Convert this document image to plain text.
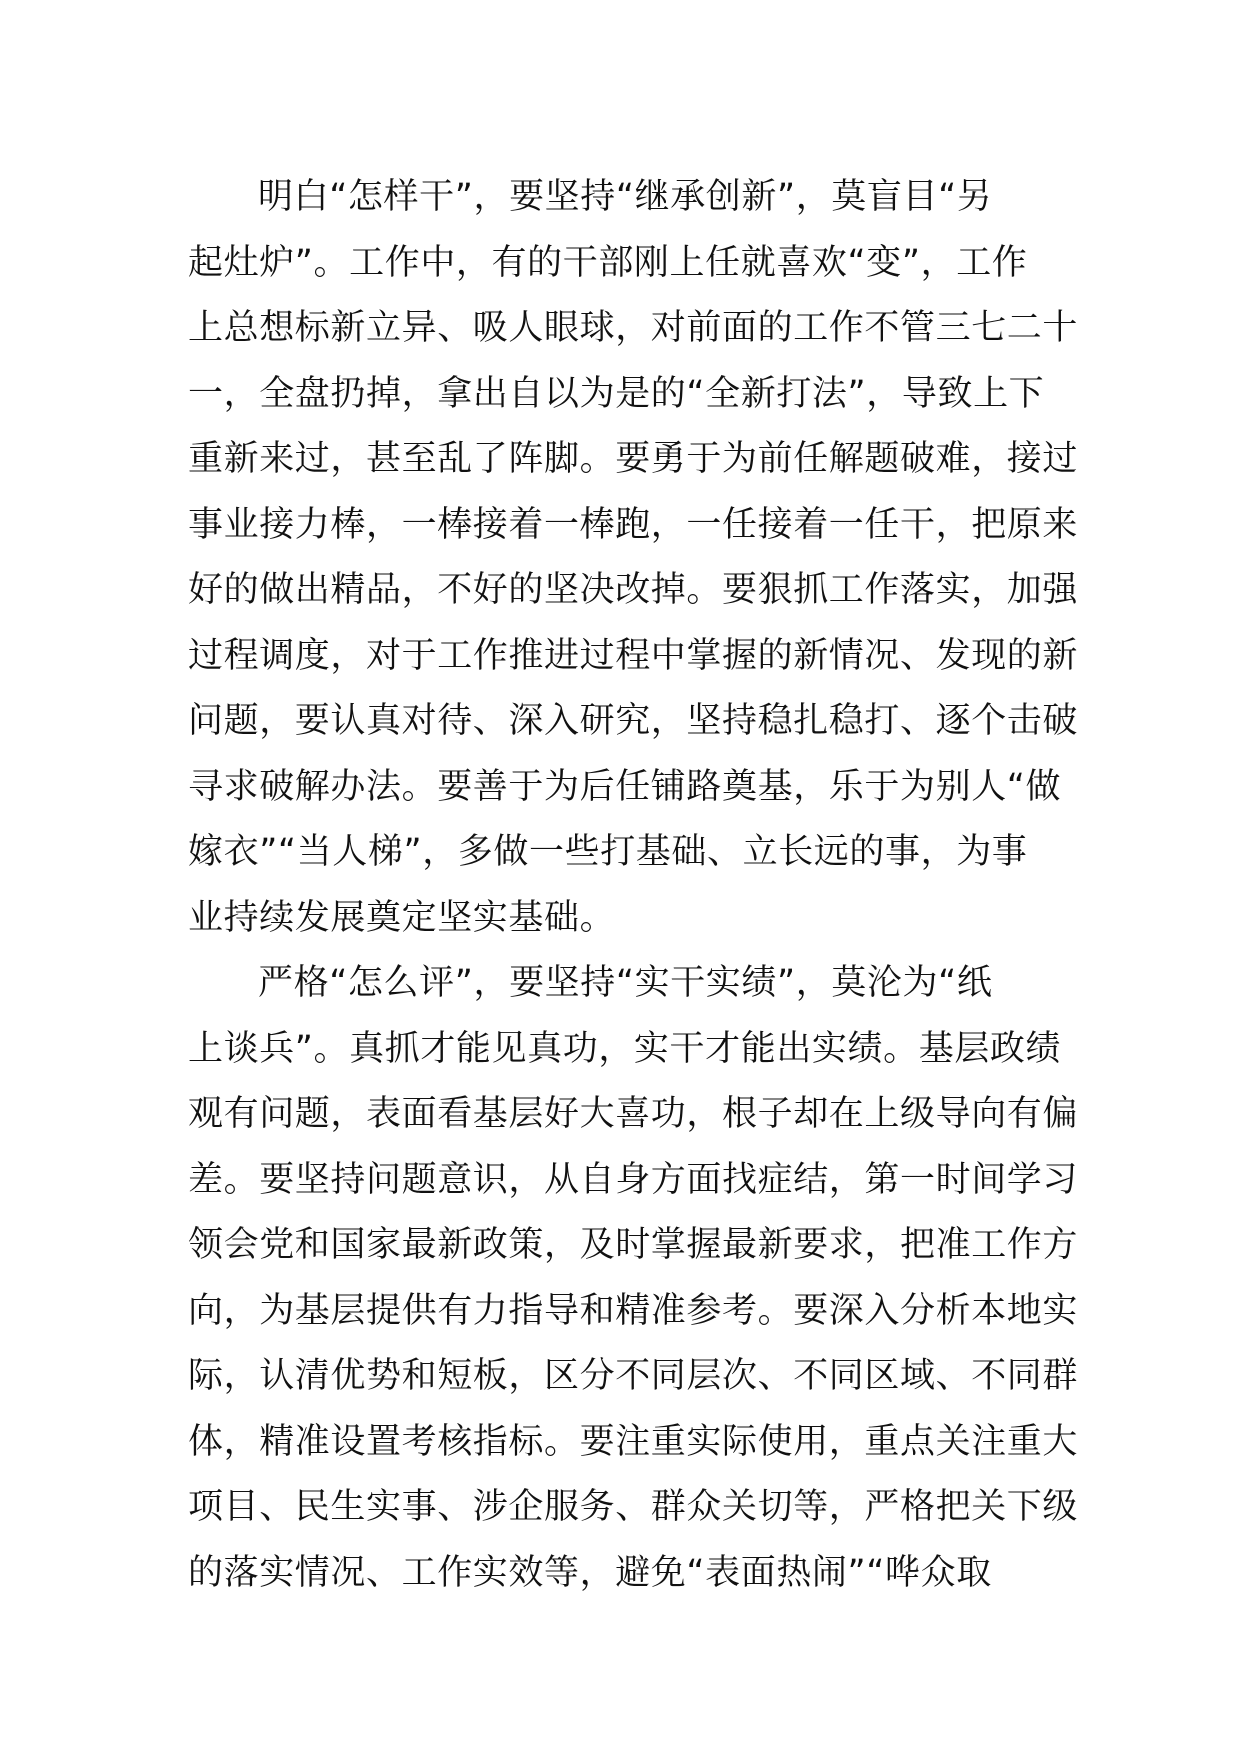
明白“怎样干”，要坚持“继承创新”，莫盲目“另
起灶炉”。工作中，有的干部刚上任就喜欢“变”，工作
上总想标新立异、吸人眼球，对前面的工作不管三七二十
一，全盘扔掉，拿出自以为是的“全新打法”，导致上下
重新来过，甚至乱了阵脚。要勇于为前任解题破难，接过
事业接力棒，一棒接着一棒跑，一任接着一任干，把原来
好的做出精品，不好的坚决改掉。要狠抓工作落实，加强
过程调度，对于工作推进过程中掌握的新情况、发现的新
问题，要认真对待、深入研究，坚持稳扎稳打、逐个击破
寻求破解办法。要善于为后任铺路奠基，乐于为别人“做
嫁衣”“当人梯”，多做一些打基础、立长远的事，为事
业持续发展奠定坚实基础。

严格“怎么评”，要坚持“实干实绩”，莫沦为“纸
上谈兵”。真抓才能见真功，实干才能出实绩。基层政绩
观有问题，表面看基层好大喜功，根子却在上级导向有偏
差。要坚持问题意识，从自身方面找症结，第一时间学习
领会党和国家最新政策，及时掌握最新要求，把准工作方
向，为基层提供有力指导和精准参考。要深入分析本地实
际，认清优势和短板，区分不同层次、不同区域、不同群
体，精准设置考核指标。要注重实际使用，重点关注重大
项目、民生实事、涉企服务、群众关切等，严格把关下级
的落实情况、工作实效等，避免“表面热闹”“哗众取
